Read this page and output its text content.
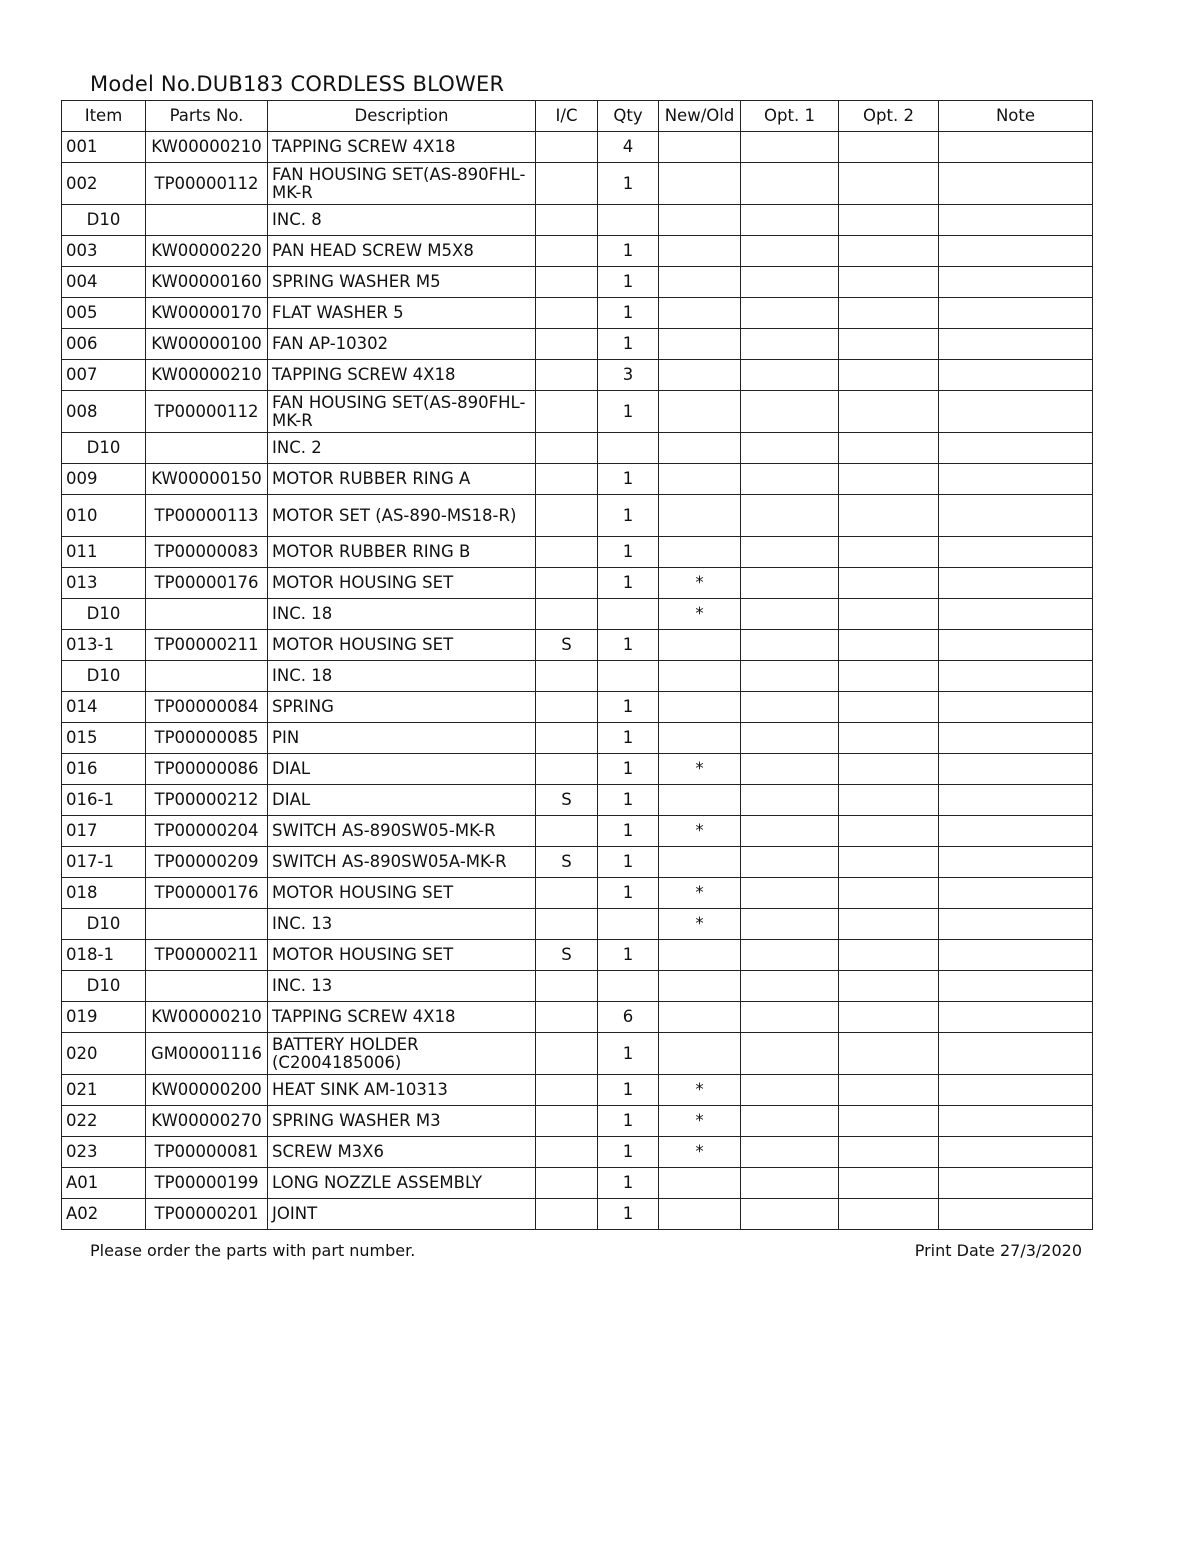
Model No.DUB183 CORDLESS BLOWER
Item	Parts No.	Description	I/C	Qty	New/Old	Opt. 1	Opt. 2	Note
001	KW00000210	TAPPING SCREW 4X18		4				
002	TP00000112	FAN HOUSING SET(AS-890FHL-MK-R		1				
D10		INC. 8						
003	KW00000220	PAN HEAD SCREW M5X8		1				
004	KW00000160	SPRING WASHER M5		1				
005	KW00000170	FLAT WASHER 5		1				
006	KW00000100	FAN AP-10302		1				
007	KW00000210	TAPPING SCREW 4X18		3				
008	TP00000112	FAN HOUSING SET(AS-890FHL-MK-R		1				
D10		INC. 2						
009	KW00000150	MOTOR RUBBER RING A		1				
010	TP00000113	MOTOR SET (AS-890-MS18-R)		1				
011	TP00000083	MOTOR RUBBER RING B		1				
013	TP00000176	MOTOR HOUSING SET		1	*			
D10		INC. 18			*			
013-1	TP00000211	MOTOR HOUSING SET	S	1				
D10		INC. 18						
014	TP00000084	SPRING		1				
015	TP00000085	PIN		1				
016	TP00000086	DIAL		1	*			
016-1	TP00000212	DIAL	S	1				
017	TP00000204	SWITCH AS-890SW05-MK-R		1	*			
017-1	TP00000209	SWITCH AS-890SW05A-MK-R	S	1				
018	TP00000176	MOTOR HOUSING SET		1	*			
D10		INC. 13			*			
018-1	TP00000211	MOTOR HOUSING SET	S	1				
D10		INC. 13						
019	KW00000210	TAPPING SCREW 4X18		6				
020	GM00001116	BATTERY HOLDER (C2004185006)		1				
021	KW00000200	HEAT SINK AM-10313		1	*			
022	KW00000270	SPRING WASHER M3		1	*			
023	TP00000081	SCREW M3X6		1	*			
A01	TP00000199	LONG NOZZLE ASSEMBLY		1				
A02	TP00000201	JOINT		1				
Please order the parts with part number.	Print Date 27/3/2020
